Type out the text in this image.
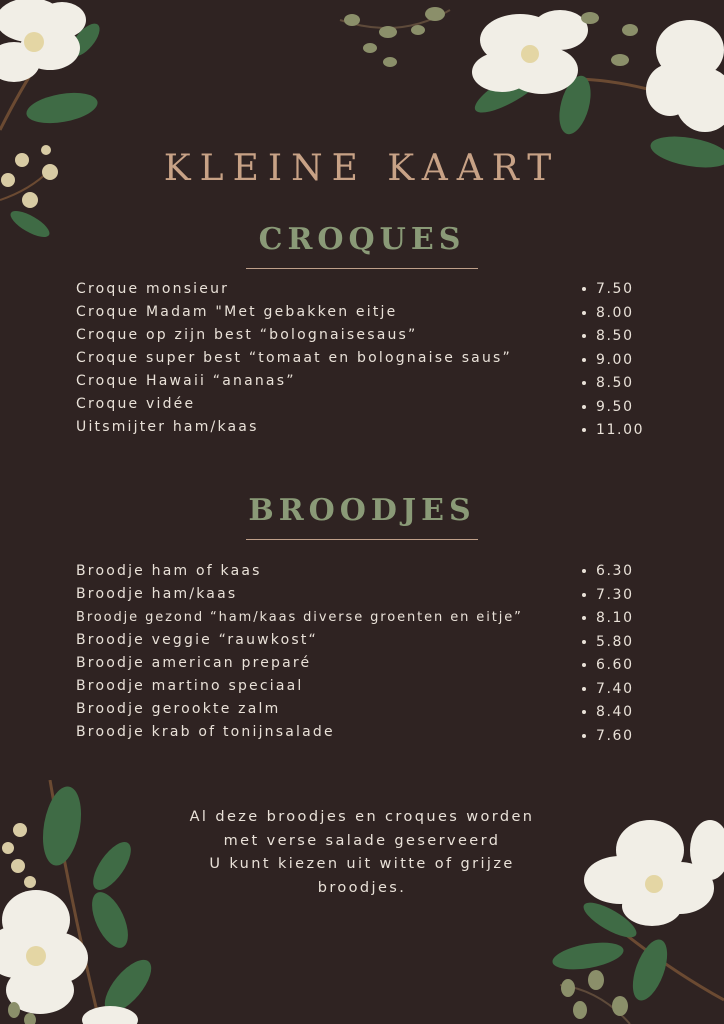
KLEINE KAART
CROQUES
Croque monsieur
Croque Madam "Met gebakken eitje
Croque op zijn best “bolognaisesaus”
Croque super best “tomaat en bolognaise saus”
Croque Hawaii “ananas”
Croque vidée
Uitsmijter ham/kaas
7.50
8.00
8.50
9.00
8.50
9.50
11.00
BROODJES
Broodje ham of kaas
Broodje ham/kaas
Broodje gezond “ham/kaas diverse groenten en eitje”
Broodje veggie “rauwkost“
Broodje american preparé
Broodje martino speciaal
Broodje gerookte zalm
Broodje krab of tonijnsalade
6.30
7.30
8.10
5.80
6.60
7.40
8.40
7.60
Al deze broodjes en croques worden
met verse salade geserveerd
U kunt kiezen uit witte of grijze
broodjes.
